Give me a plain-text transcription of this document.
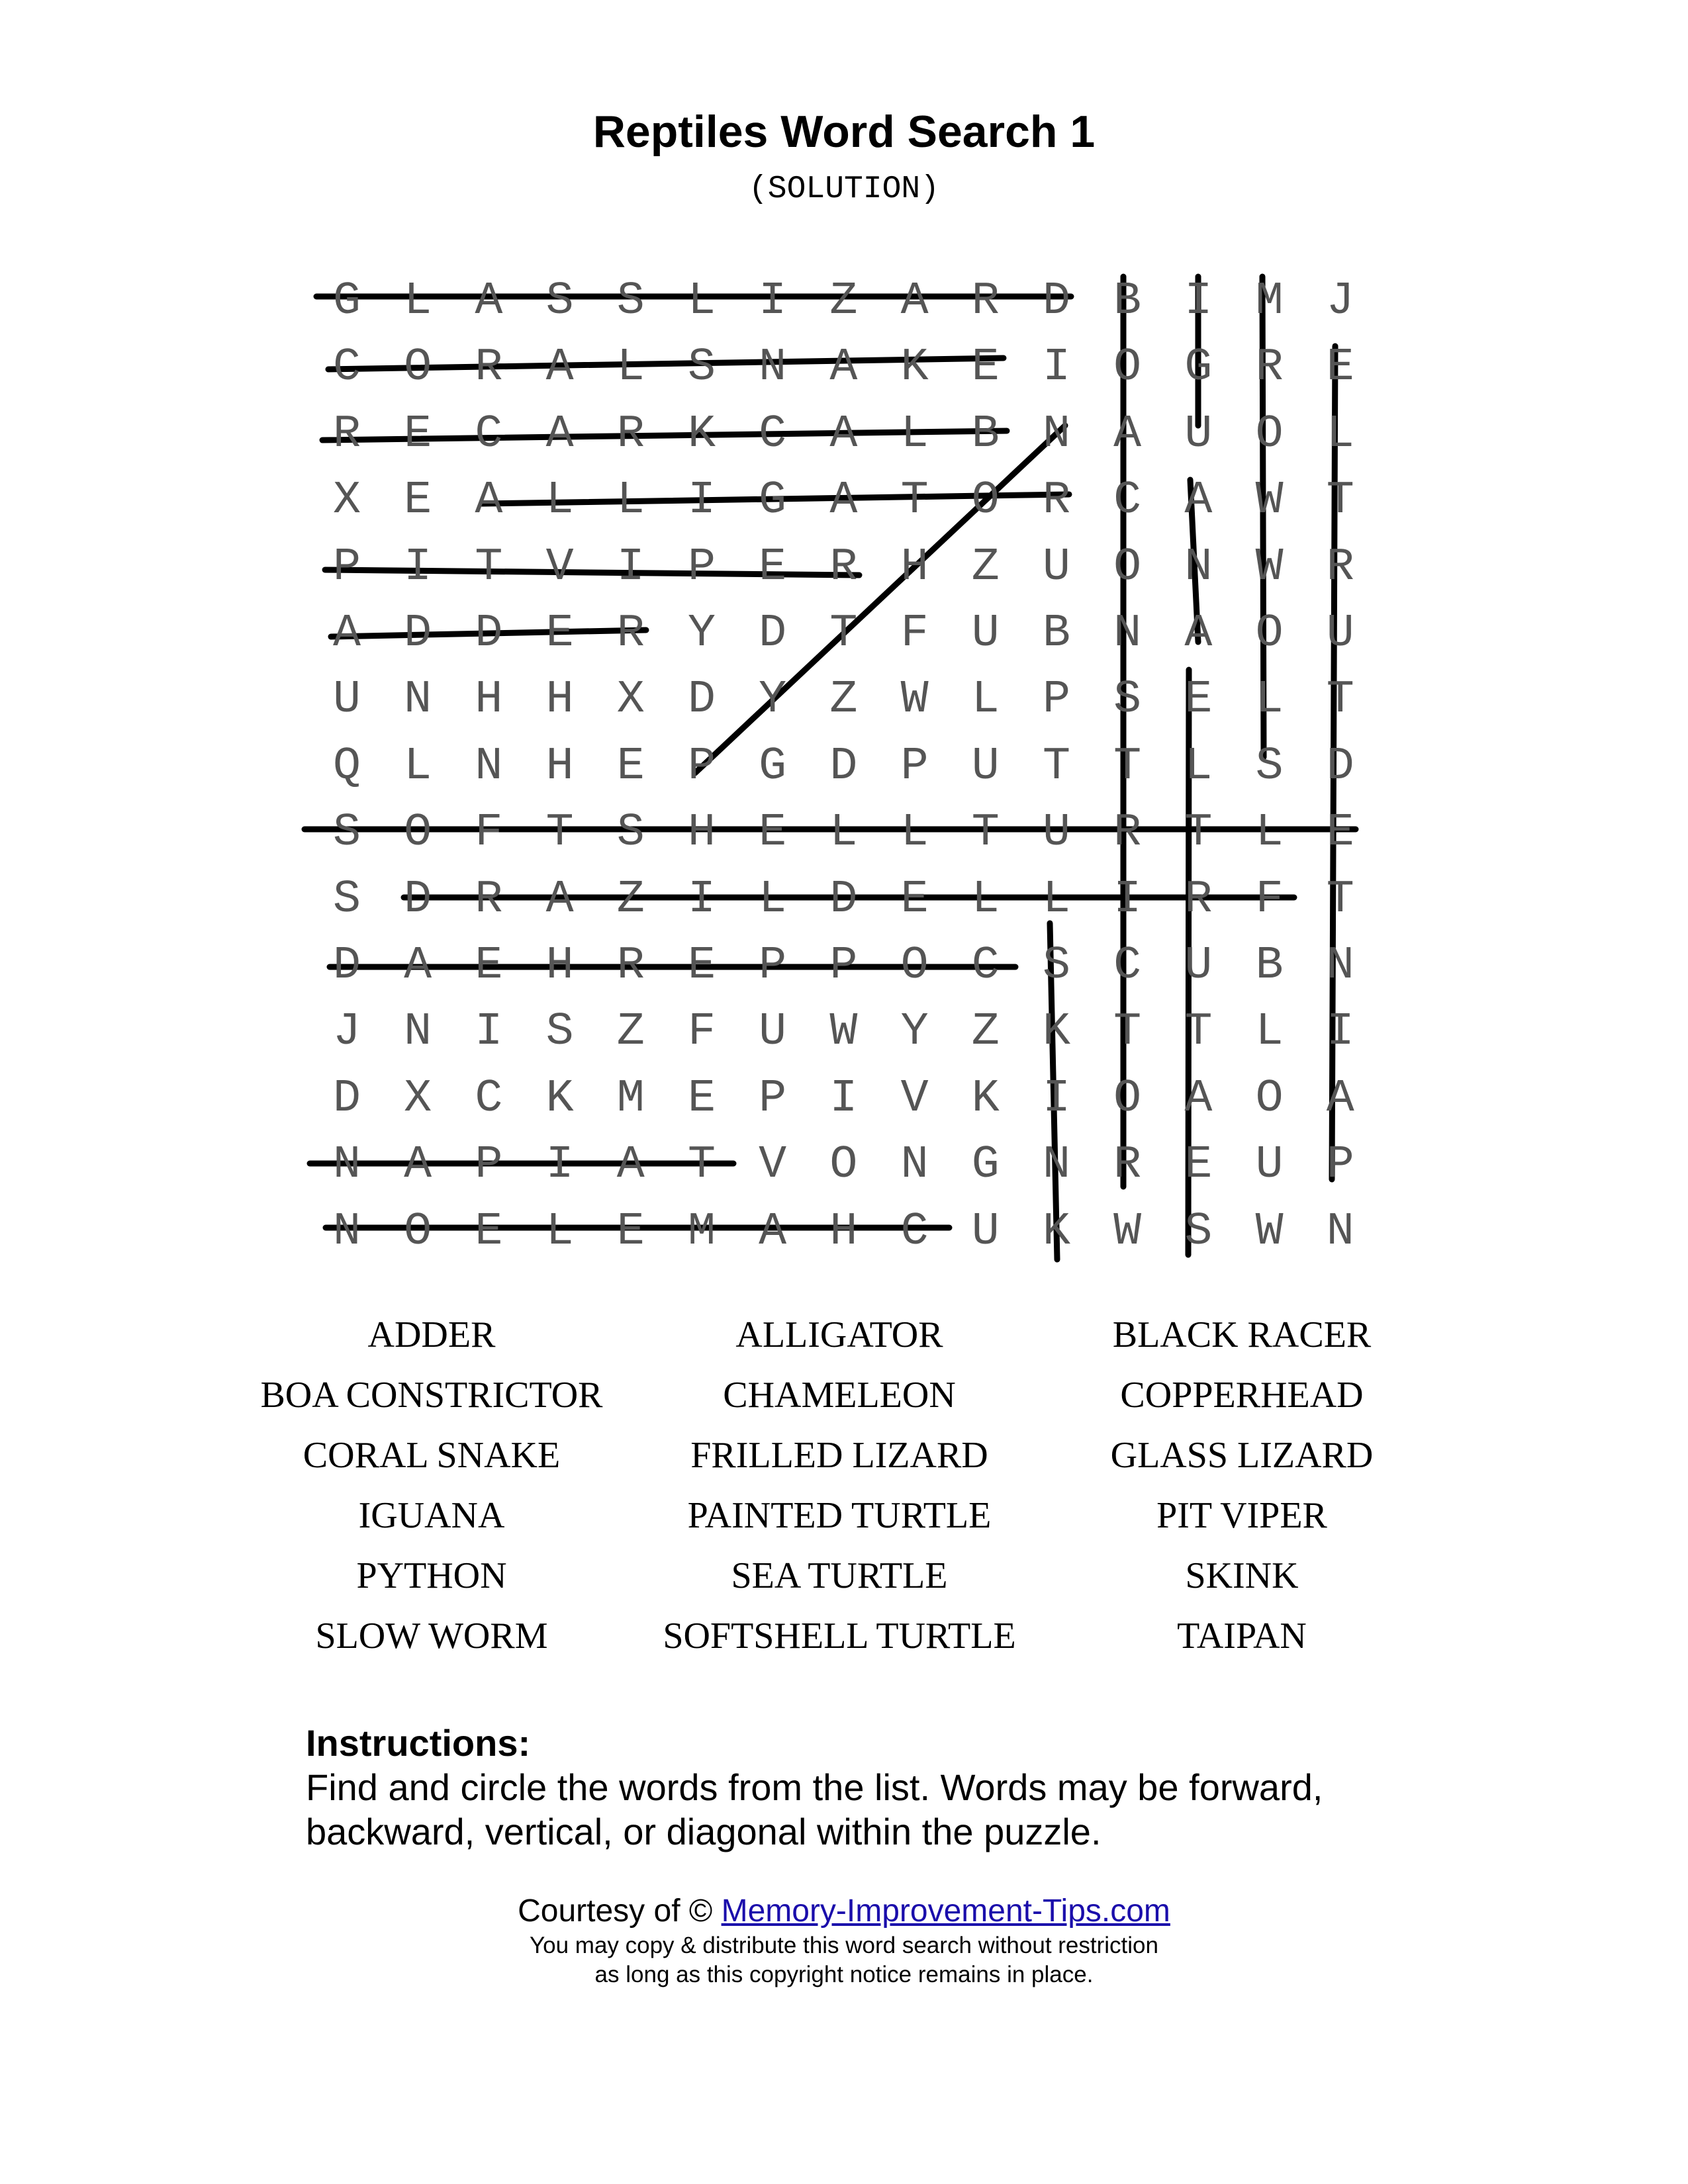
Reptiles Word Search 1
(SOLUTION)
G L A S S L I Z A R D B I M J
C O R A L S N A K E I O G R E
R E C A R K C A L B N A U O L
X E A L L I G A T O R C A W T
P I T V I P E R H Z U O N W R
A D D E R Y D T F U B N A O U
U N H H X D Y Z W L P S E L T
Q L N H E P G D P U T T L S D
S O F T S H E L L T U R T L E
S D R A Z I L D E L L I R F T
D A E H R E P P O C S C U B N
J N I S Z F U W Y Z K T T L I
D X C K M E P I V K I O A O A
N A P I A T V O N G N R E U P
N O E L E M A H C U K W S W N
ADDER	ALLIGATOR	BLACK RACER
BOA CONSTRICTOR	CHAMELEON	COPPERHEAD
CORAL SNAKE	FRILLED LIZARD	GLASS LIZARD
IGUANA	PAINTED TURTLE	PIT VIPER
PYTHON	SEA TURTLE	SKINK
SLOW WORM	SOFTSHELL TURTLE	TAIPAN
Instructions:
Find and circle the words from the list. Words may be forward, backward, vertical, or diagonal within the puzzle.
Courtesy of © Memory-Improvement-Tips.com
You may copy & distribute this word search without restriction
as long as this copyright notice remains in place.
